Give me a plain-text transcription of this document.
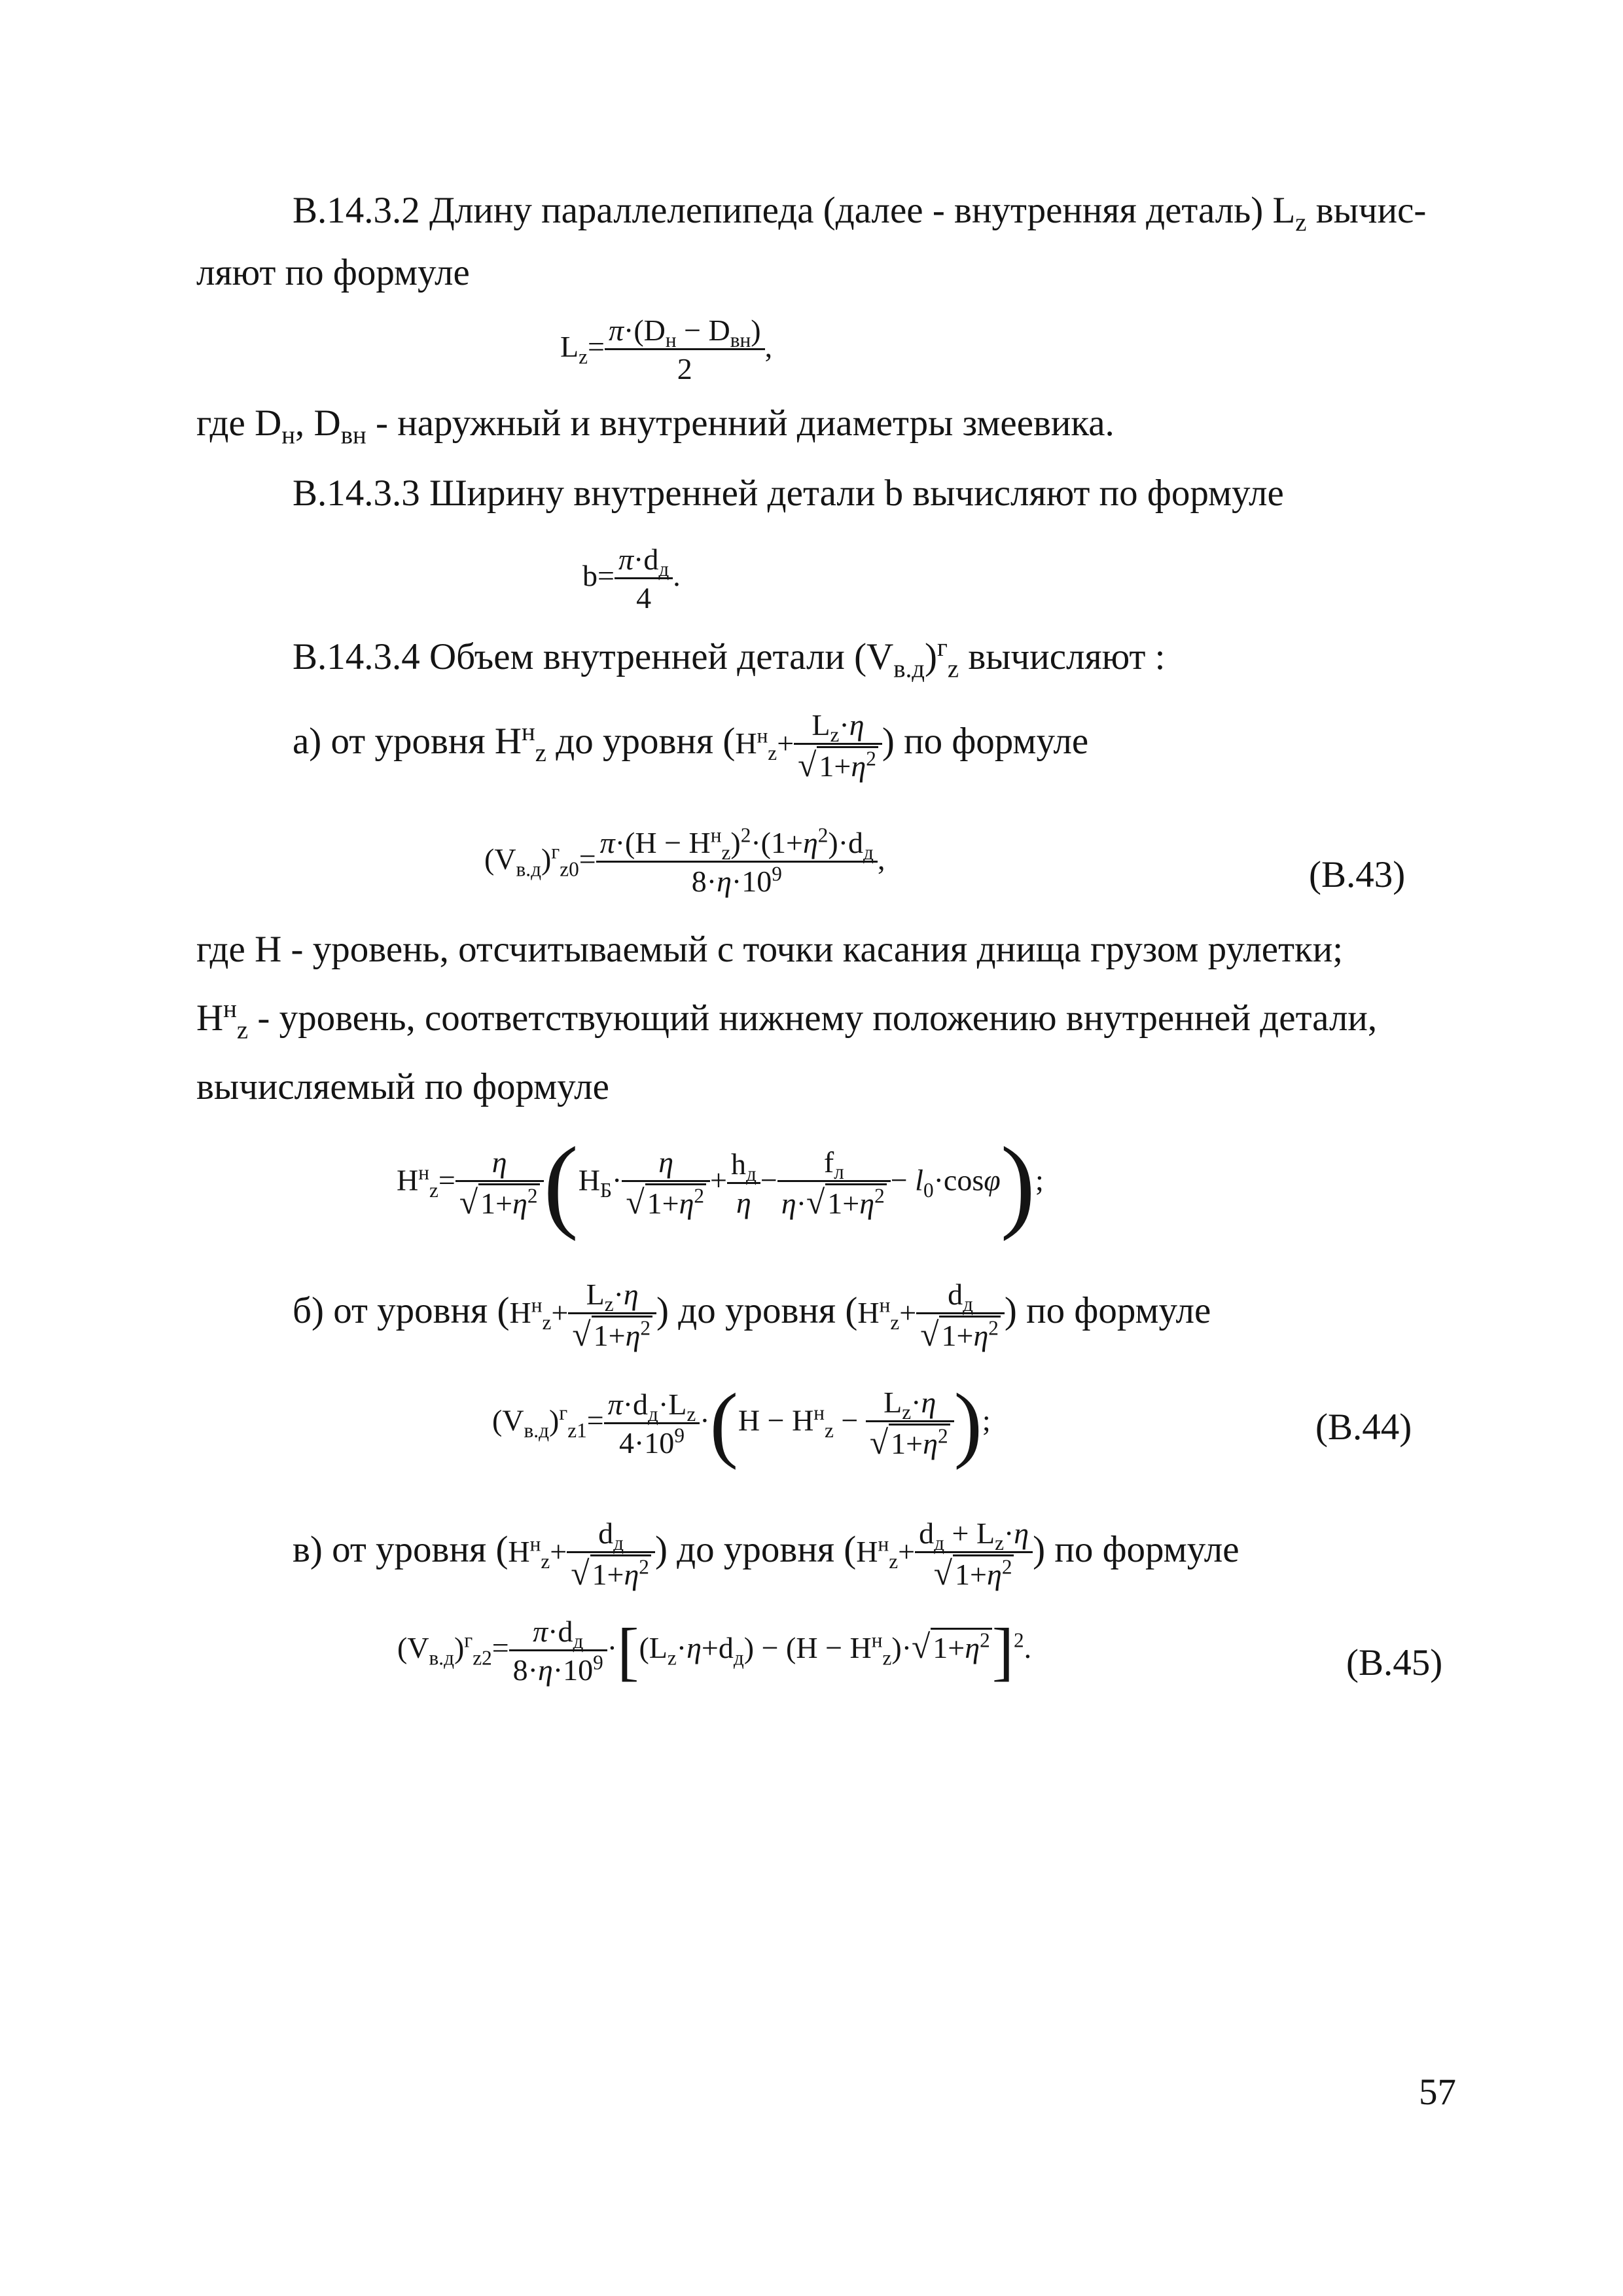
В.14.3.2 Длину параллелепипеда (далее - внутренняя деталь) $L_z$ вычис-
ляют по формуле
$L_z= \frac{\pi\cdot(D_н - D_{вн})}{2}$ ,
где $D_н$, $D_{вн}$ - наружный и внутренний диаметры змеевика.
В.14.3.3 Ширину внутренней детали b вычисляют по формуле
$b= \frac{\pi\cdot d_д}{4}$ .
В.14.3.4 Объем внутренней детали $(V_{в.д})^г_z$ вычисляют :
а) от уровня $H^н_z$ до уровня ($H^н_z+ L_z\cdot\eta$
√ $1+\eta^2$ ) по формуле
$(V_{в.д})^г_{z0}= \frac{\pi\cdot(H - H^н_z)^2\cdot(1+\eta^2)\cdot d_д}{8\cdot\eta\cdot 10^9}$ ,	(В.43)
где H - уровень, отсчитываемый с точки касания днища грузом рулетки;
$H^н_z$ - уровень, соответствующий нижнему положению внутренней детали,
вычисляемый по формуле
$H^н_z= \eta$
√ $1+\eta^2$ ($H_Б\cdot \eta$
√ $1+\eta^2 + \frac{h_д}{\eta} - \frac{f_л}{\eta\cdot√ 1+\eta^2} - l_0\cdot\cos\varphi$);
б) от уровня ($H^н_z+ L_z\cdot\eta$
√ $1+\eta^2$ ) до уровня ($H^н_z+ d_д$
√ $1+\eta^2$ ) по формуле
$(V_{в.д})^г_{z1}= \frac{\pi\cdot d_д\cdot L_z}{4\cdot 10^9} \cdot(H - H^н_z - L_z\cdot\eta$
√ $1+\eta^2$ );	(В.44)
в) от уровня ($H^н_z+ d_д$
√ $1+\eta^2$ ) до уровня ($H^н_z+ d_д + L_z\cdot\eta$
√ $1+\eta^2$ ) по формуле
$(V_{в.д})^г_{z2}= \frac{\pi\cdot d_д}{8\cdot\eta\cdot 10^9} \cdot[(L_z\cdot\eta+d_д) - (H - H^н_z)\cdot√$ $1+\eta^2]^2$.	(В.45)
57
